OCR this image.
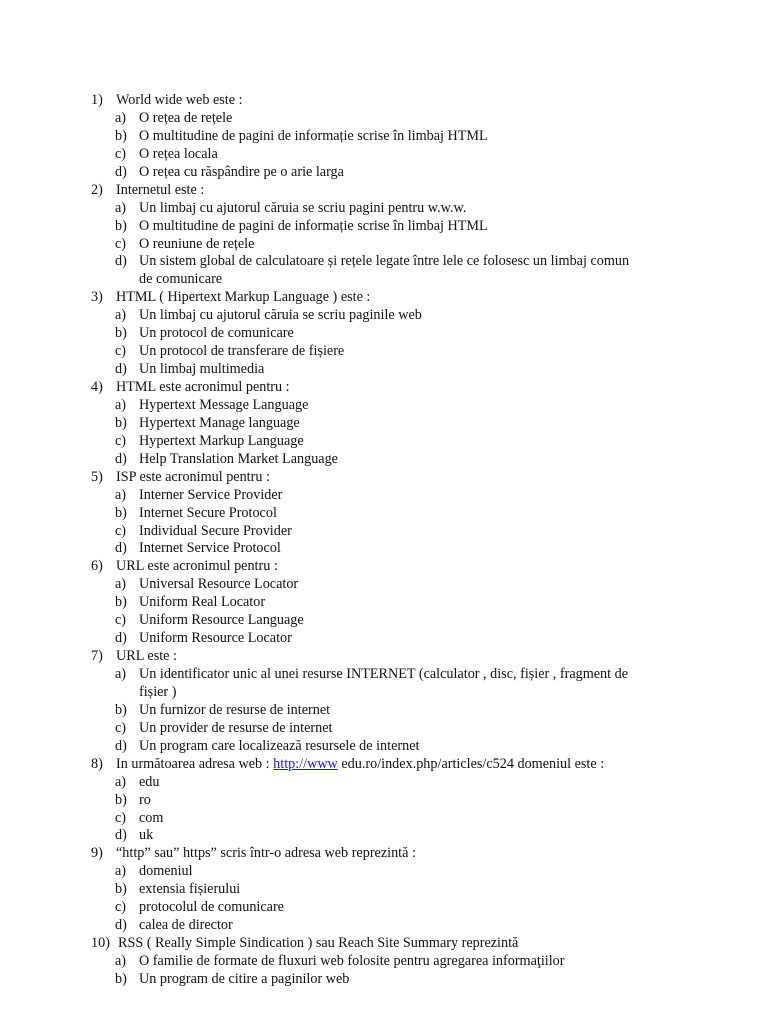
1) World wide web este :
a) O rețea de rețele
b) O multitudine de pagini de informație scrise în limbaj HTML
c) O rețea locala
d) O rețea cu răspândire pe o arie larga
2) Internetul este :
a) Un limbaj cu ajutorul căruia se scriu pagini pentru w.w.w.
b) O multitudine de pagini de informație scrise în limbaj HTML
c) O reuniune de rețele
d) Un sistem global de calculatoare și rețele legate între lele ce folosesc un limbaj comun
de comunicare
3) HTML ( Hipertext Markup Language ) este :
a) Un limbaj cu ajutorul căruia se scriu paginile web
b) Un protocol de comunicare
c) Un protocol de transferare de fișiere
d) Un limbaj multimedia
4) HTML este acronimul pentru :
a) Hypertext Message Language
b) Hypertext Manage language
c) Hypertext Markup Language
d) Help Translation Market Language
5) ISP este acronimul pentru :
a) Interner Service Provider
b) Internet Secure Protocol
c) Individual Secure Provider
d) Internet Service Protocol
6) URL este acronimul pentru :
a) Universal Resource Locator
b) Uniform Real Locator
c) Uniform Resource Language
d) Uniform Resource Locator
7) URL este :
a) Un identificator unic al unei resurse INTERNET (calculator , disc, fișier , fragment de
fișier )
b) Un furnizor de resurse de internet
c) Un provider de resurse de internet
d) Un program care localizează resursele de internet
8) In următoarea adresa web : http://www edu.ro/index.php/articles/c524 domeniul este :
a) edu
b) ro
c) com
d) uk
9) “http” sau” https” scris într-o adresa web reprezintă :
a) domeniul
b) extensia fișierului
c) protocolul de comunicare
d) calea de director
10) RSS ( Really Simple Sindication ) sau Reach Site Summary reprezintă
a) O familie de formate de fluxuri web folosite pentru agregarea informaţiilor
b) Un program de citire a paginilor web
